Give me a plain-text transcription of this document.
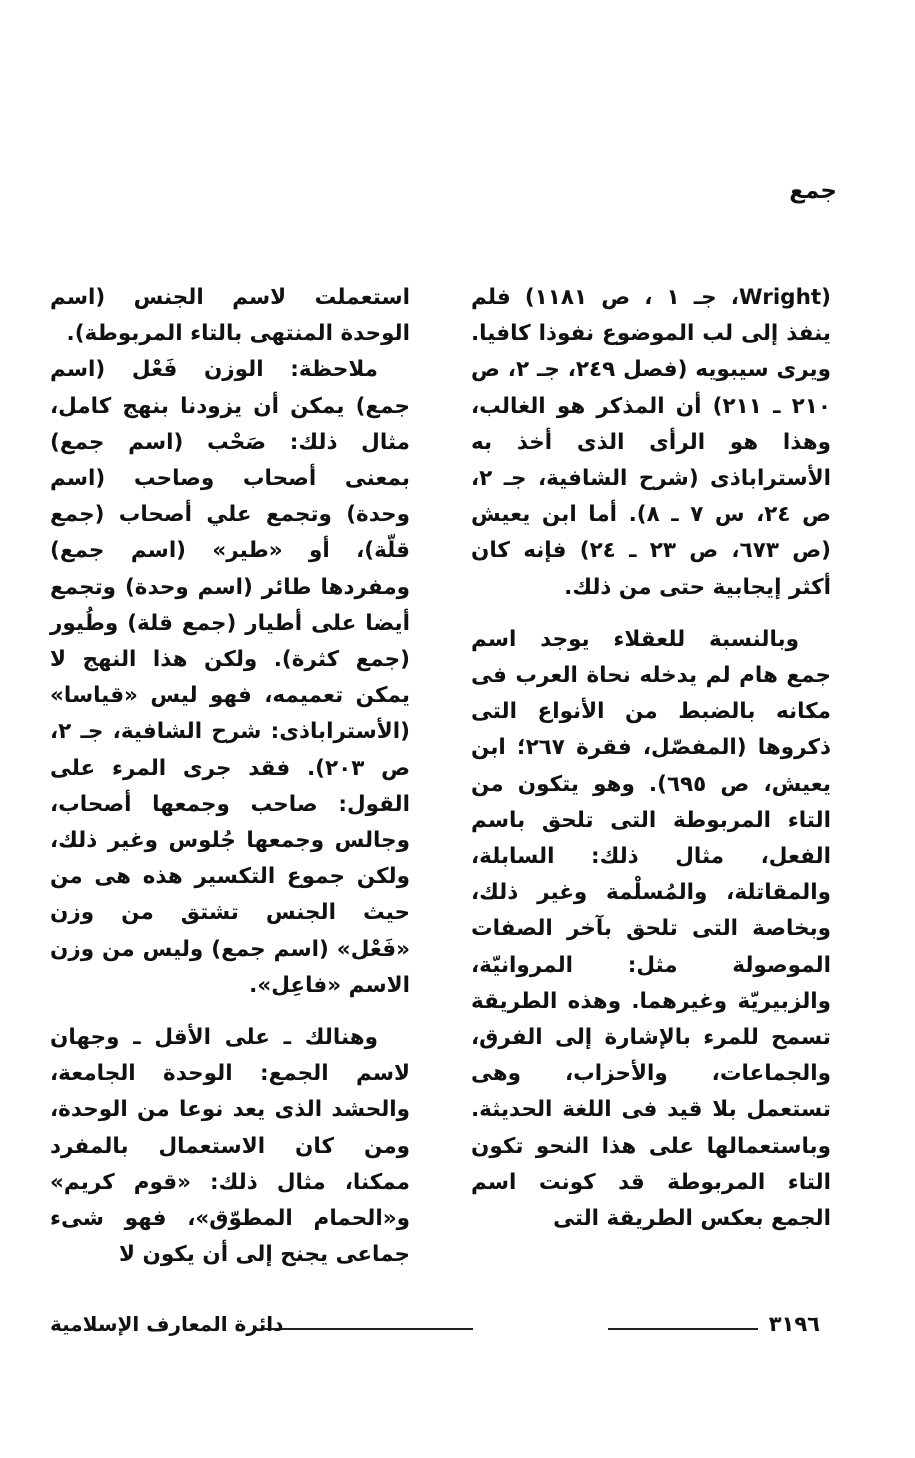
جمع

(Wright، جـ ١ ، ص ١١٨١) فلم ينفذ إلى لب الموضوع نفوذا كافيا. ويرى سيبويه (فصل ٢٤٩، جـ ٢، ص ٢١٠ ـ ٢١١) أن المذكر هو الغالب، وهذا هو الرأى الذى أخذ به الأستراباذى (شرح الشافية، جـ ٢، ص ٢٤، س ٧ ـ ٨). أما ابن يعيش (ص ٦٧٣، ص ٢٣ ـ ٢٤) فإنه كان أكثر إيجابية حتى من ذلك.

وبالنسبة للعقلاء يوجد اسم جمع هام لم يدخله نحاة العرب فى مكانه بالضبط من الأنواع التى ذكروها (المفصّل، فقرة ٢٦٧؛ ابن يعيش، ص ٦٩٥). وهو يتكون من التاء المربوطة التى تلحق باسم الفعل، مثال ذلك: السابلة، والمقاتلة، والمُسلْمة وغير ذلك، وبخاصة التى تلحق بآخر الصفات الموصولة مثل: المروانيّة، والزبيريّة وغيرهما. وهذه الطريقة تسمح للمرء بالإشارة إلى الفرق، والجماعات، والأحزاب، وهى تستعمل بلا قيد فى اللغة الحديثة. وباستعمالها على هذا النحو تكون التاء المربوطة قد كونت اسم الجمع بعكس الطريقة التى

استعملت لاسم الجنس (اسم الوحدة المنتهى بالتاء المربوطة).

ملاحظة: الوزن فَعْل (اسم جمع) يمكن أن يزودنا بنهج كامل، مثال ذلك: صَحْب (اسم جمع) بمعنى أصحاب وصاحب (اسم وحدة) وتجمع علي أصحاب (جمع قلّة)، أو «طير» (اسم جمع) ومفردها طائر (اسم وحدة) وتجمع أيضا على أطيار (جمع قلة) وطُيور (جمع كثرة). ولكن هذا النهج لا يمكن تعميمه، فهو ليس «قياسا» (الأستراباذى: شرح الشافية، جـ ٢، ص ٢٠٣). فقد جرى المرء على القول: صاحب وجمعها أصحاب، وجالس وجمعها جُلوس وغير ذلك، ولكن جموع التكسير هذه هى من حيث الجنس تشتق من وزن «فَعْل» (اسم جمع) وليس من وزن الاسم «فاعِل».

وهنالك ـ على الأقل ـ وجهان لاسم الجمع: الوحدة الجامعة، والحشد الذى يعد نوعا من الوحدة، ومن كان الاستعمال بالمفرد ممكنا، مثال ذلك: «قوم كريم» و«الحمام المطوّق»، فهو شىء جماعى يجنح إلى أن يكون لا

٣١٩٦
دائرة المعارف الإسلامية
